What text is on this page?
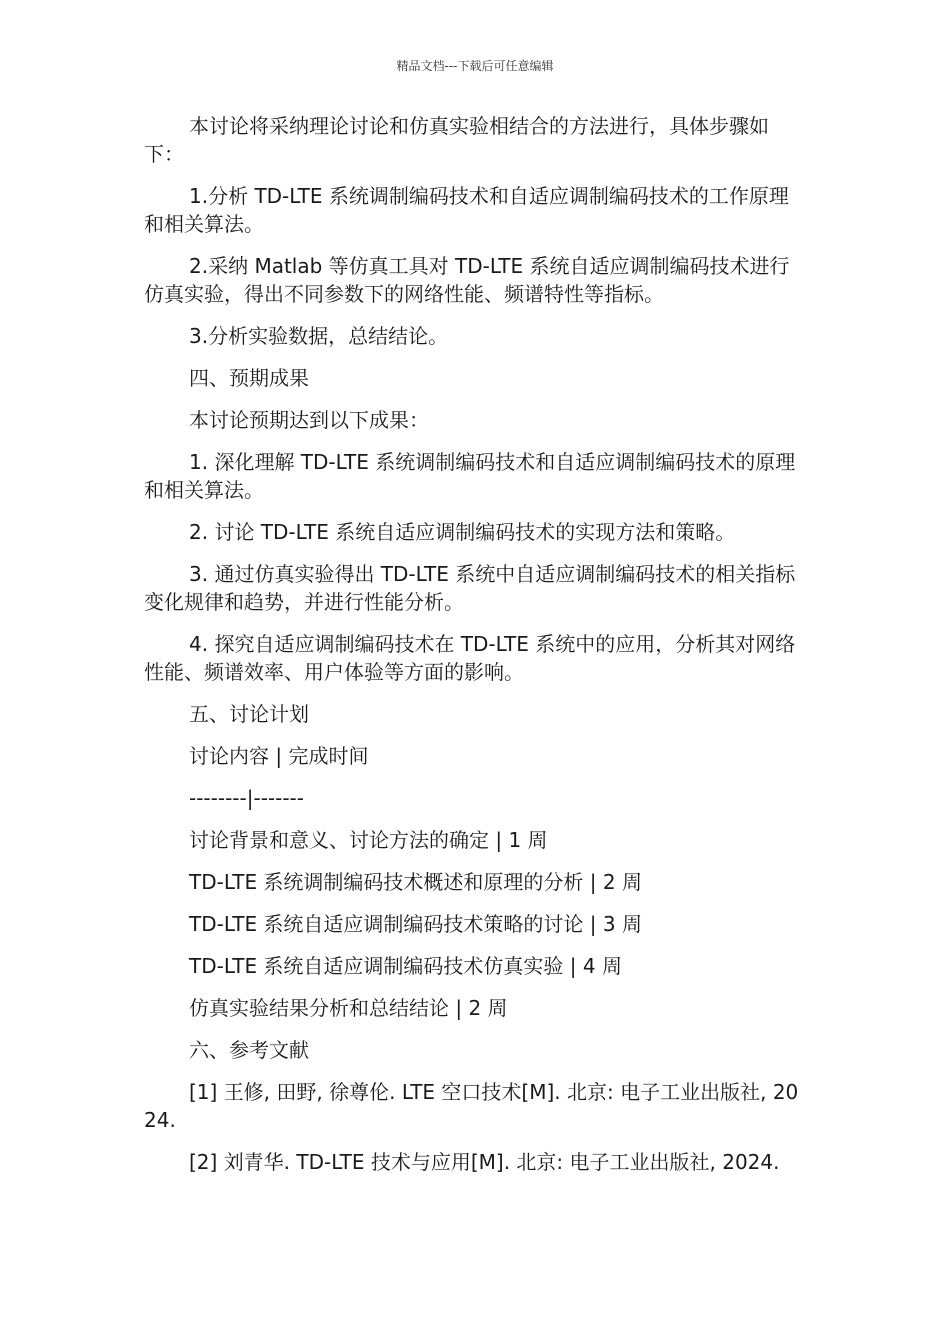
精品文档---下载后可任意编辑

本讨论将采纳理论讨论和仿真实验相结合的方法进行，具体步骤如下：

1.分析 TD-LTE 系统调制编码技术和自适应调制编码技术的工作原理和相关算法。

2.采纳 Matlab 等仿真工具对 TD-LTE 系统自适应调制编码技术进行仿真实验，得出不同参数下的网络性能、频谱特性等指标。

3.分析实验数据，总结结论。

四、预期成果

本讨论预期达到以下成果：

1. 深化理解 TD-LTE 系统调制编码技术和自适应调制编码技术的原理和相关算法。

2. 讨论 TD-LTE 系统自适应调制编码技术的实现方法和策略。

3. 通过仿真实验得出 TD-LTE 系统中自适应调制编码技术的相关指标变化规律和趋势，并进行性能分析。

4. 探究自适应调制编码技术在 TD-LTE 系统中的应用，分析其对网络性能、频谱效率、用户体验等方面的影响。

五、讨论计划

讨论内容 | 完成时间

--------|-------

讨论背景和意义、讨论方法的确定 | 1 周

TD-LTE 系统调制编码技术概述和原理的分析 | 2 周

TD-LTE 系统自适应调制编码技术策略的讨论 | 3 周

TD-LTE 系统自适应调制编码技术仿真实验 | 4 周

仿真实验结果分析和总结结论 | 2 周

六、参考文献

[1] 王修, 田野, 徐尊伦. LTE 空口技术[M]. 北京: 电子工业出版社, 2024.

[2] 刘青华. TD-LTE 技术与应用[M]. 北京: 电子工业出版社, 2024.
